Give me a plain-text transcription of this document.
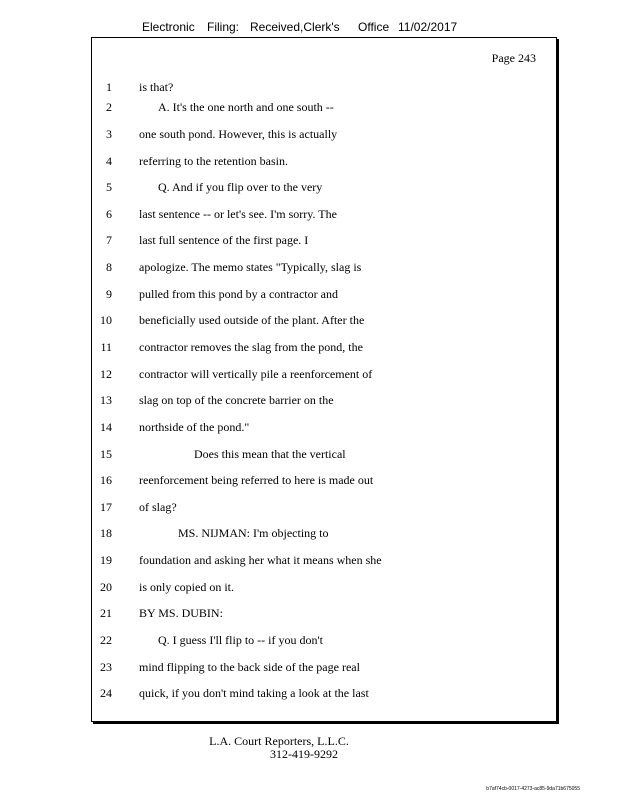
Electronic Filing: Received,Clerk's Office 11/02/2017
Page 243
1 is that?
2	A. It's the one north and one south --
3 one south pond. However, this is actually
4 referring to the retention basin.
5	Q. And if you flip over to the very
6 last sentence -- or let's see. I'm sorry. The
7 last full sentence of the first page. I
8 apologize. The memo states "Typically, slag is
9 pulled from this pond by a contractor and
10 beneficially used outside of the plant. After the
11 contractor removes the slag from the pond, the
12 contractor will vertically pile a reenforcement of
13 slag on top of the concrete barrier on the
14 northside of the pond."
15	Does this mean that the vertical
16 reenforcement being referred to here is made out
17 of slag?
18	MS. NIJMAN: I'm objecting to
19 foundation and asking her what it means when she
20 is only copied on it.
21 BY MS. DUBIN:
22	Q. I guess I'll flip to -- if you don't
23 mind flipping to the back side of the page real
24 quick, if you don't mind taking a look at the last
L.A. Court Reporters, L.L.C.
312-419-9292
b7af74cb-0017-4273-ac85-9da71b675055
